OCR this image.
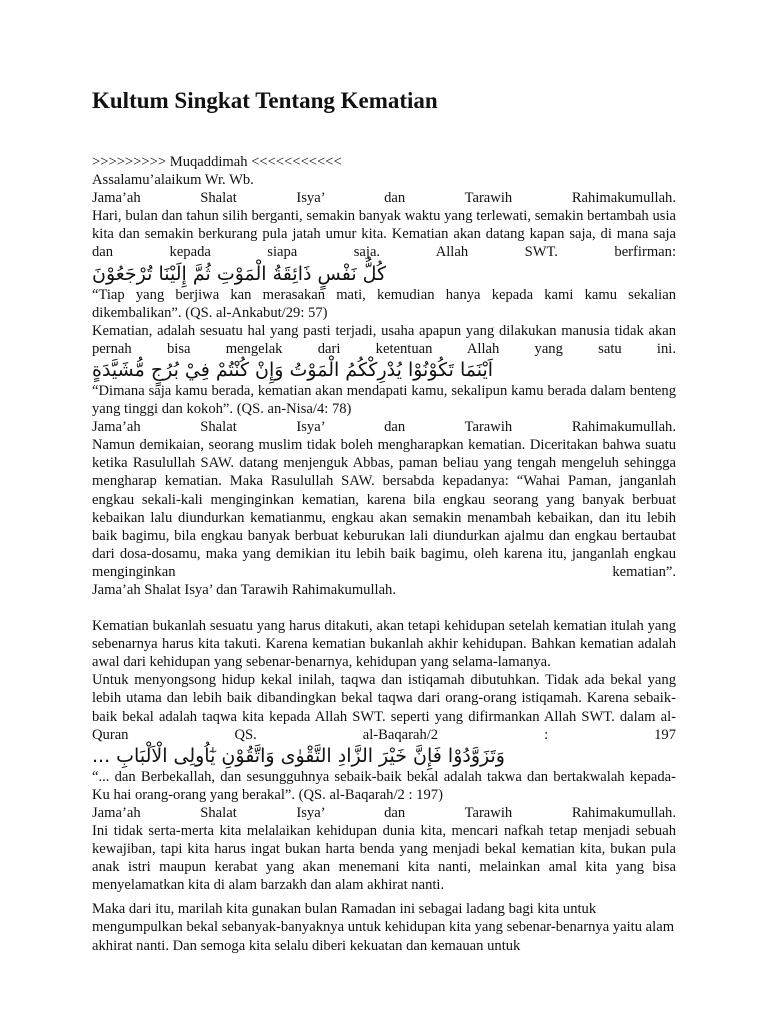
Kultum Singkat Tentang Kematian

>>>>>>>>> Muqaddimah <<<<<<<<<<<

Assalamu’alaikum Wr. Wb.

Jama’ah Shalat Isya’ dan Tarawih Rahimakumullah.

Hari, bulan dan tahun silih berganti, semakin banyak waktu yang terlewati, semakin bertambah usia kita dan semakin berkurang pula jatah umur kita. Kematian akan datang kapan saja, di mana saja dan kepada siapa saja. Allah SWT. berfirman:

كُلُّ نَفْسٍ ذَائِقَةُ الْمَوْتِ ثُمَّ إِلَيْنَا تُرْجَعُوْنَ

“Tiap yang berjiwa kan merasakan mati, kemudian hanya kepada kami kamu sekalian dikembalikan”. (QS. al-Ankabut/29: 57)

Kematian, adalah sesuatu hal yang pasti terjadi, usaha apapun yang dilakukan manusia tidak akan pernah bisa mengelak dari ketentuan Allah yang satu ini.

اَيْنَمَا تَكُوْنُوْا يُدْرِكْكُمُ الْمَوْتُ وَإِنْ كُنْتُمْ فِيْ بُرُجٍ مُّشَيَّدَةٍ

“Dimana saja kamu berada, kematian akan mendapati kamu, sekalipun kamu berada dalam benteng yang tinggi dan kokoh”. (QS. an-Nisa/4: 78)

Jama’ah Shalat Isya’ dan Tarawih Rahimakumullah.

Namun demikaian, seorang muslim tidak boleh mengharapkan kematian. Diceritakan bahwa suatu ketika Rasulullah SAW. datang menjenguk Abbas, paman beliau yang tengah mengeluh sehingga mengharap kematian. Maka Rasulullah SAW. bersabda kepadanya: “Wahai Paman, janganlah engkau sekali-kali menginginkan kematian, karena bila engkau seorang yang banyak berbuat kebaikan lalu diundurkan kematianmu, engkau akan semakin menambah kebaikan, dan itu lebih baik bagimu, bila engkau banyak berbuat keburukan lali diundurkan ajalmu dan engkau bertaubat dari dosa-dosamu, maka yang demikian itu lebih baik bagimu, oleh karena itu, janganlah engkau menginginkan kematian”.

Jama’ah Shalat Isya’ dan Tarawih Rahimakumullah.

Kematian bukanlah sesuatu yang harus ditakuti, akan tetapi kehidupan setelah kematian itulah yang sebenarnya harus kita takuti. Karena kematian bukanlah akhir kehidupan. Bahkan kematian adalah awal dari kehidupan yang sebenar-benarnya, kehidupan yang selama-lamanya.

Untuk menyongsong hidup kekal inilah, taqwa dan istiqamah dibutuhkan. Tidak ada bekal yang lebih utama dan lebih baik dibandingkan bekal taqwa dari orang-orang istiqamah. Karena sebaik-baik bekal adalah taqwa kita kepada Allah SWT. seperti yang difirmankan Allah SWT. dalam al-Quran QS. al-Baqarah/2 : 197

وَتَزَوَّدُوْا فَإِنَّ خَيْرَ الزَّادِ التَّقْوٰى وَاتَّقُوْنِ يٰٓاُولِى الْاَلْبَابِ ...

“... dan Berbekallah, dan sesungguhnya sebaik-baik bekal adalah takwa dan bertakwalah kepada-Ku hai orang-orang yang berakal”. (QS. al-Baqarah/2 : 197)

Jama’ah Shalat Isya’ dan Tarawih Rahimakumullah.

Ini tidak serta-merta kita melalaikan kehidupan dunia kita, mencari nafkah tetap menjadi sebuah kewajiban, tapi kita harus ingat bukan harta benda yang menjadi bekal kematian kita, bukan pula anak istri maupun kerabat yang akan menemani kita nanti, melainkan amal kita yang bisa menyelamatkan kita di alam barzakh dan alam akhirat nanti.

Maka dari itu, marilah kita gunakan bulan Ramadan ini sebagai ladang bagi kita untuk mengumpulkan bekal sebanyak-banyaknya untuk kehidupan kita yang sebenar-benarnya yaitu alam akhirat nanti. Dan semoga kita selalu diberi kekuatan dan kemauan untuk
